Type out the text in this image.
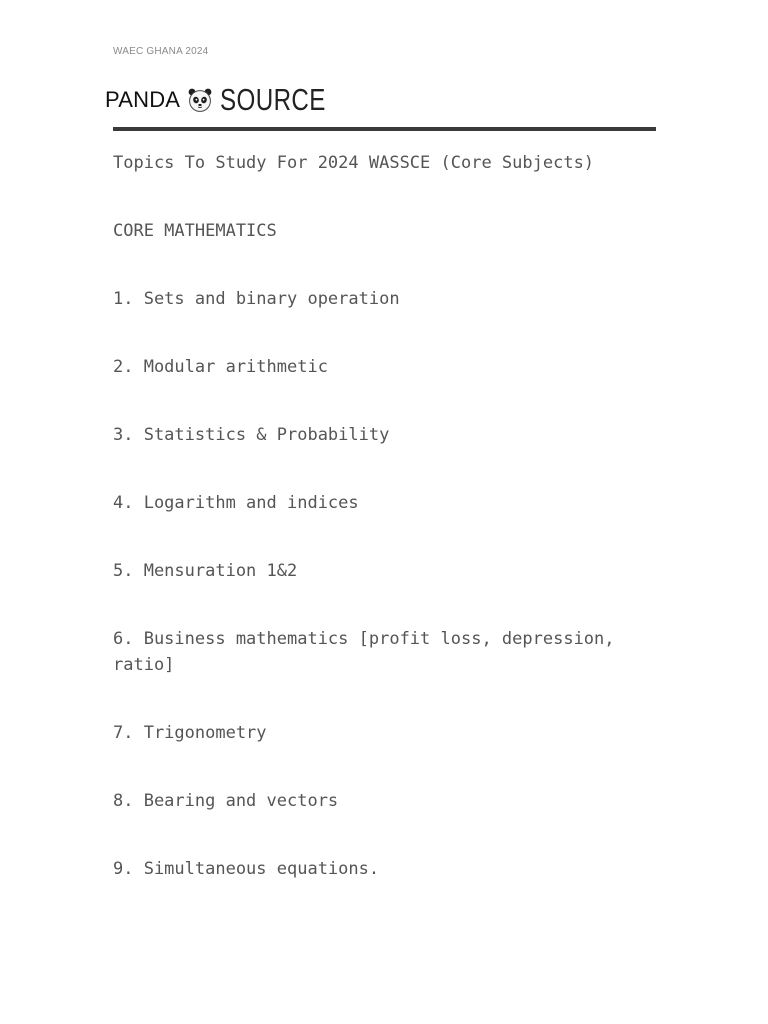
WAEC GHANA 2024
PANDA SOURCE

Topics To Study For 2024 WASSCE (Core Subjects)

CORE MATHEMATICS

1. Sets and binary operation

2. Modular arithmetic

3. Statistics & Probability

4. Logarithm and indices

5. Mensuration 1&2

6. Business mathematics [profit loss, depression, ratio]

7. Trigonometry

8. Bearing and vectors

9. Simultaneous equations.
